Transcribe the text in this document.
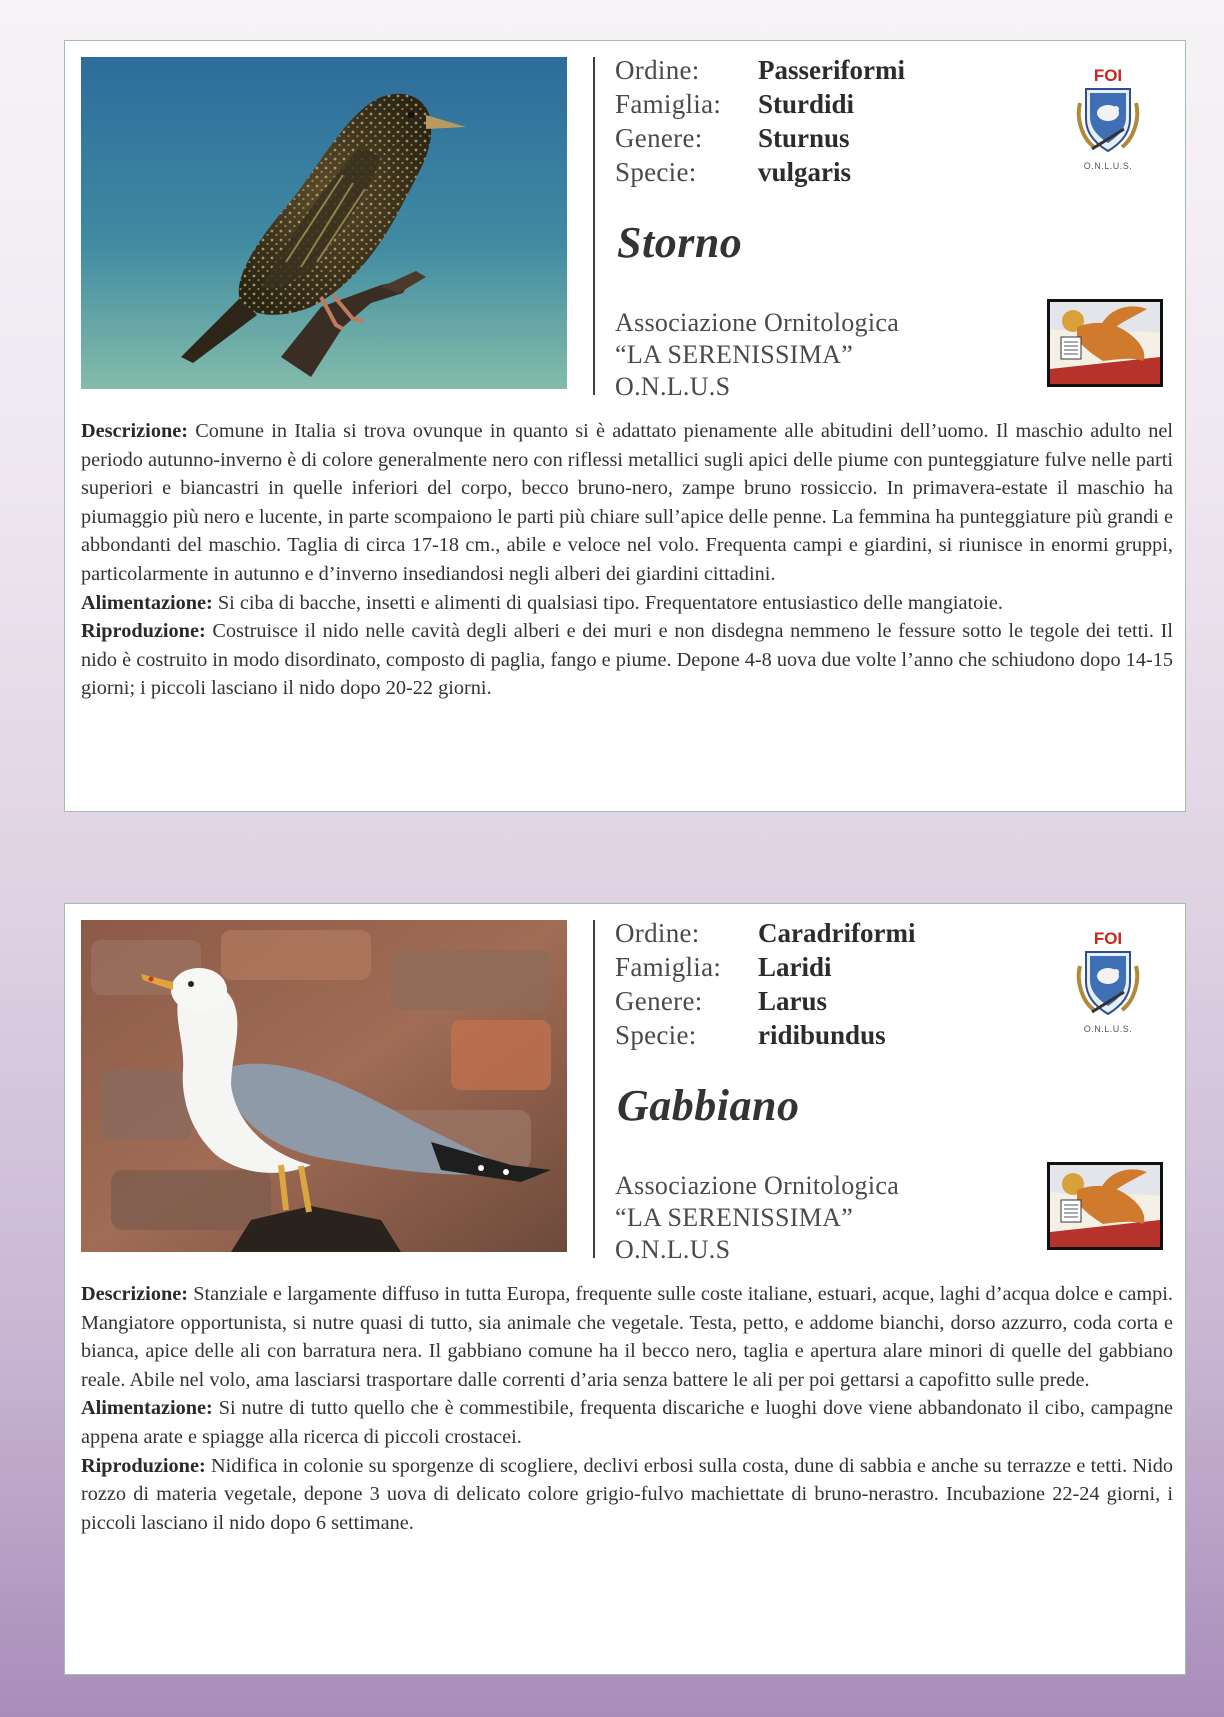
Ordine: Passeriformi
Famiglia: Sturdidi
Genere: Sturnus
Specie: vulgaris
Storno
Associazione Ornitologica
“LA SERENISSIMA”
O.N.L.U.S
FOI
O.N.L.U.S.

Descrizione: Comune in Italia si trova ovunque in quanto si è adattato pienamente alle abitudini dell’uomo. Il maschio adulto nel periodo autunno-inverno è di colore generalmente nero con riflessi metallici sugli apici delle piume con punteggiature fulve nelle parti superiori e biancastri in quelle inferiori del corpo, becco bruno-nero, zampe bruno rossiccio. In primavera-estate il maschio ha piumaggio più nero e lucente, in parte scompaiono le parti più chiare sull’apice delle penne. La femmina ha punteggiature più grandi e abbondanti del maschio. Taglia di circa 17-18 cm., abile e veloce nel volo. Frequenta campi e giardini, si riunisce in enormi gruppi, particolarmente in autunno e d’inverno insediandosi negli alberi dei giardini cittadini.

Alimentazione: Si ciba di bacche, insetti e alimenti di qualsiasi tipo. Frequentatore entusiastico delle mangiatoie.

Riproduzione: Costruisce il nido nelle cavità degli alberi e dei muri e non disdegna nemmeno le fessure sotto le tegole dei tetti. Il nido è costruito in modo disordinato, composto di paglia, fango e piume. Depone 4-8 uova due volte l’anno che schiudono dopo 14-15 giorni; i piccoli lasciano il nido dopo 20-22 giorni.

Ordine: Caradriformi
Famiglia: Laridi
Genere: Larus
Specie: ridibundus
Gabbiano
Associazione Ornitologica
“LA SERENISSIMA”
O.N.L.U.S
FOI
O.N.L.U.S.

Descrizione: Stanziale e largamente diffuso in tutta Europa, frequente sulle coste italiane, estuari, acque, laghi d’acqua dolce e campi. Mangiatore opportunista, si nutre quasi di tutto, sia animale che vegetale. Testa, petto, e addome bianchi, dorso azzurro, coda corta e bianca, apice delle ali con barratura nera. Il gabbiano comune ha il becco nero, taglia e apertura alare minori di quelle del gabbiano reale. Abile nel volo, ama lasciarsi trasportare dalle correnti d’aria senza battere le ali per poi gettarsi a capofitto sulle prede.

Alimentazione: Si nutre di tutto quello che è commestibile, frequenta discariche e luoghi dove viene abbandonato il cibo, campagne appena arate e spiagge alla ricerca di piccoli crostacei.

Riproduzione: Nidifica in colonie su sporgenze di scogliere, declivi erbosi sulla costa, dune di sabbia e anche su terrazze e tetti. Nido rozzo di materia vegetale, depone 3 uova di delicato colore grigio-fulvo machiettate di bruno-nerastro. Incubazione 22-24 giorni, i piccoli lasciano il nido dopo 6 settimane.
